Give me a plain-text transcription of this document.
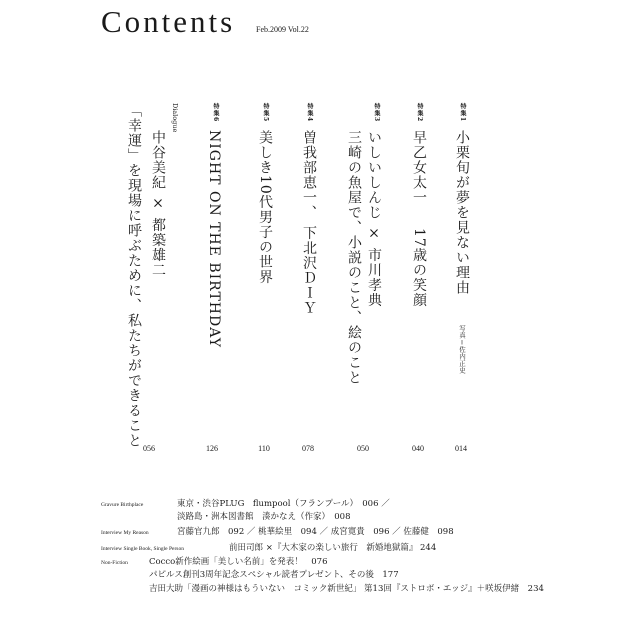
Contents	Feb.2009 Vol.22
特集1
小栗旬が夢を見ない理由
写真＝佐内正史
014
特集2
早乙女太一
17歳の笑顔
040
特集3
いしいしんじ × 市川孝典
三崎の魚屋で、小説のこと、絵のこと
050
特集4
曽我部恵一、 下北沢ＤＩＹ
078
特集5
美しき10代男子の世界
110
特集6
NIGHT ON THE BIRTHDAY
126
Dialogue
中谷美紀 × 都築雄二
「幸運」を現場に呼ぶために、私たちができること
056
Gravure Birthplace	東京・渋谷PLUG　flumpool（フランプール）　006 ／
淡路島・洲本図書館　湊かなえ（作家）　008
Interview My Reason	宮藤官九郎　092 ／ 桃華絵里　094 ／ 成宮寛貴　096 ／ 佐藤健　098
Interview Single Book, Single Person	前田司郎 ×『大木家の楽しい旅行　新婚地獄篇』 244
Non-Fiction Cocco新作絵画「美しい名前」を発表！　076
パピルス創刊3周年記念スペシャル読者プレゼント、その後　177
吉田大助「漫画の神様はもういない　コミック新世紀」 第13回『ストロボ・エッジ』＋咲坂伊緒　234
